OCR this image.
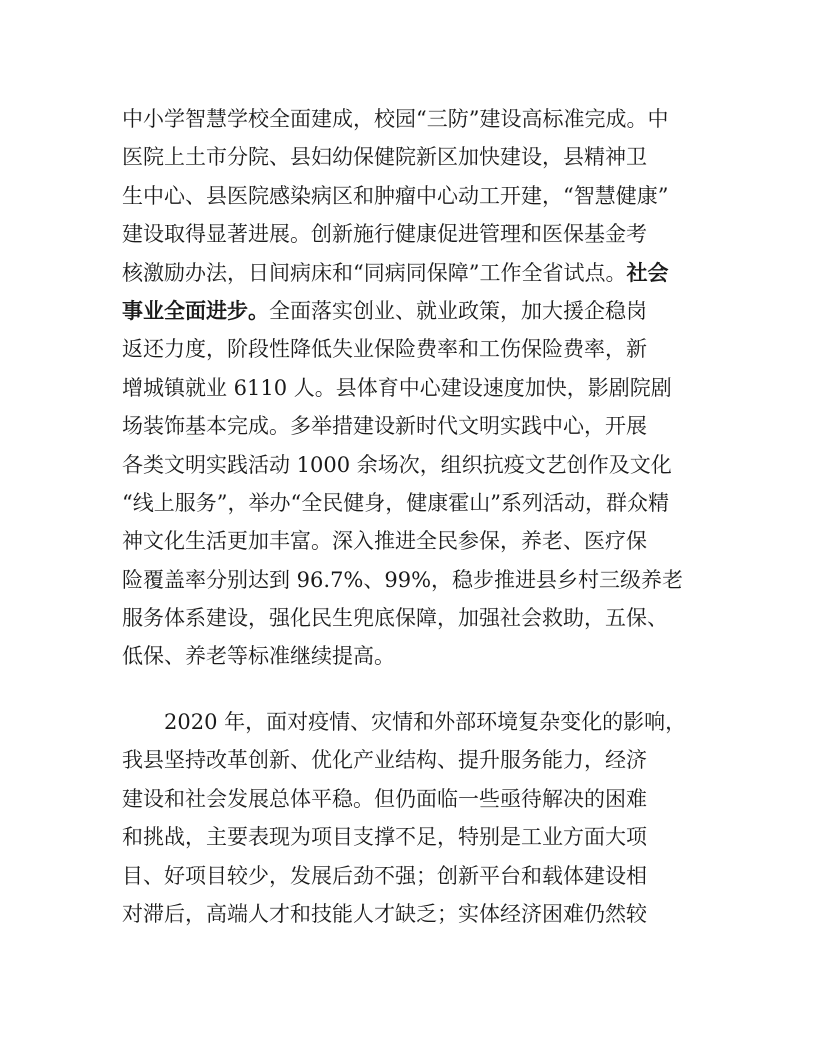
中小学智慧学校全面建成，校园“三防”建设高标准完成。中
医院上土市分院、县妇幼保健院新区加快建设，县精神卫
生中心、县医院感染病区和肿瘤中心动工开建，“智慧健康”
建设取得显著进展。创新施行健康促进管理和医保基金考
核激励办法，日间病床和“同病同保障”工作全省试点。社会
事业全面进步。全面落实创业、就业政策，加大援企稳岗
返还力度，阶段性降低失业保险费率和工伤保险费率，新
增城镇就业 6110 人。县体育中心建设速度加快，影剧院剧
场装饰基本完成。多举措建设新时代文明实践中心，开展
各类文明实践活动 1000 余场次，组织抗疫文艺创作及文化
“线上服务”，举办“全民健身，健康霍山”系列活动，群众精
神文化生活更加丰富。深入推进全民参保，养老、医疗保
险覆盖率分别达到 96.7%、99%，稳步推进县乡村三级养老
服务体系建设，强化民生兜底保障，加强社会救助，五保、
低保、养老等标准继续提高。
2020 年，面对疫情、灾情和外部环境复杂变化的影响，
我县坚持改革创新、优化产业结构、提升服务能力，经济
建设和社会发展总体平稳。但仍面临一些亟待解决的困难
和挑战，主要表现为项目支撑不足，特别是工业方面大项
目、好项目较少，发展后劲不强；创新平台和载体建设相
对滞后，高端人才和技能人才缺乏；实体经济困难仍然较
